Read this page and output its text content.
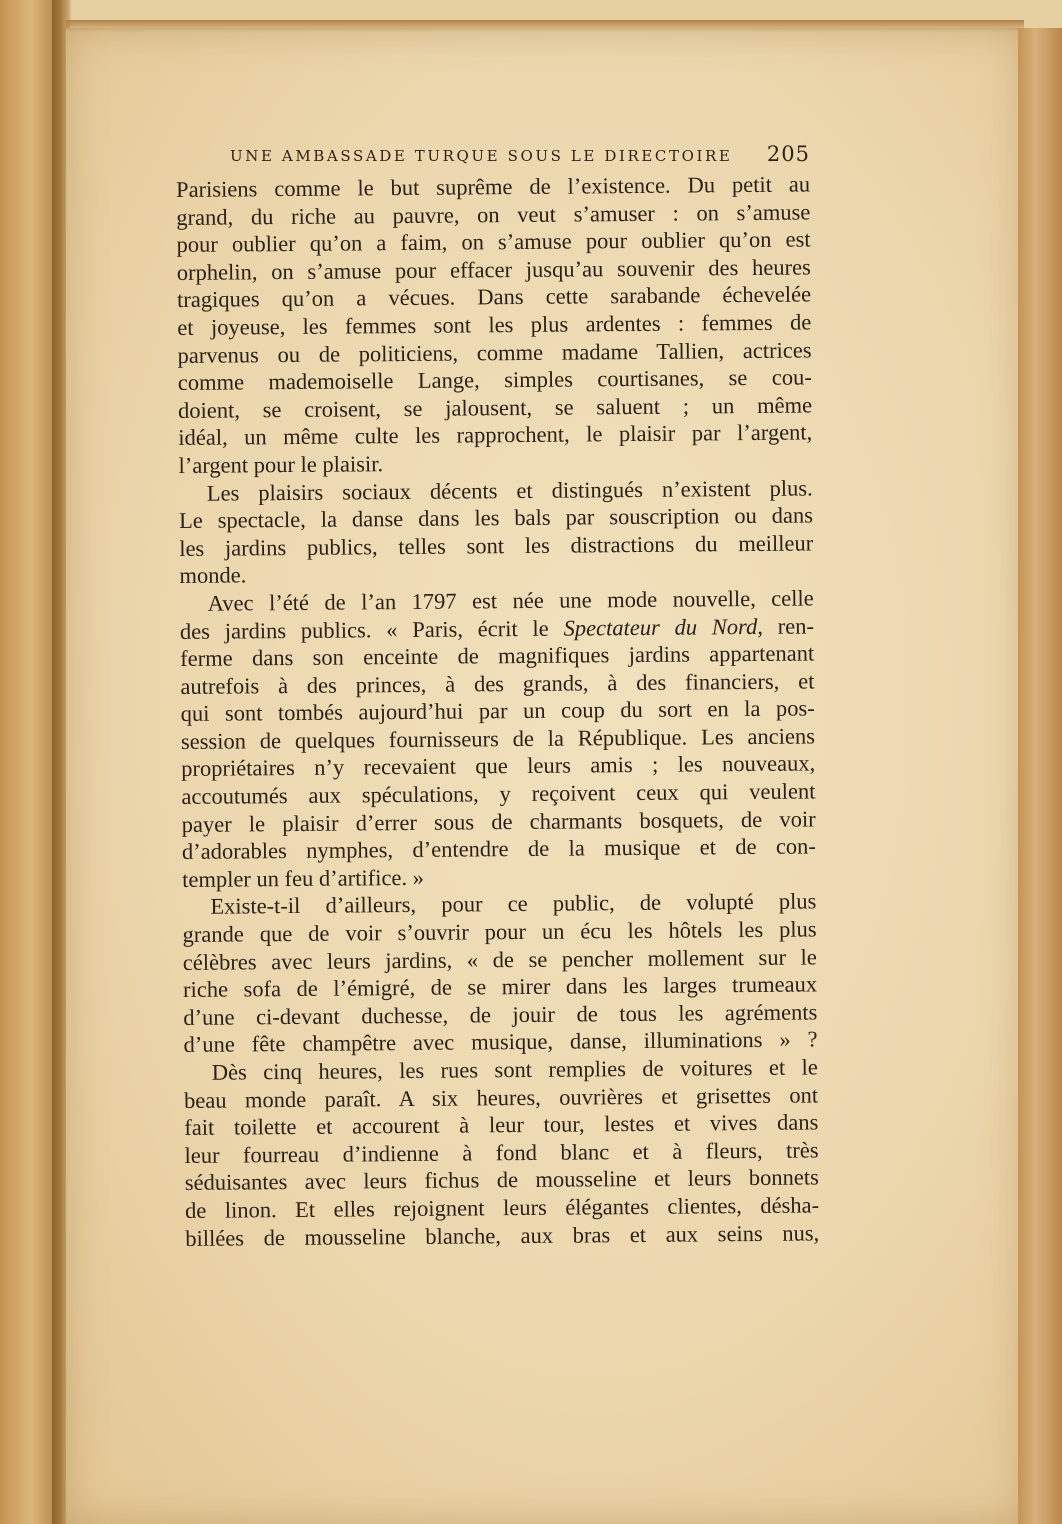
UNE AMBASSADE TURQUE SOUS LE DIRECTOIRE 205
Parisiens comme le but suprême de l’existence. Du petit au
grand, du riche au pauvre, on veut s’amuser : on s’amuse
pour oublier qu’on a faim, on s’amuse pour oublier qu’on est
orphelin, on s’amuse pour effacer jusqu’au souvenir des heures
tragiques qu’on a vécues. Dans cette sarabande échevelée
et joyeuse, les femmes sont les plus ardentes : femmes de
parvenus ou de politiciens, comme madame Tallien, actrices
comme mademoiselle Lange, simples courtisanes, se cou-
doient, se croisent, se jalousent, se saluent ; un même
idéal, un même culte les rapprochent, le plaisir par l’argent,
l’argent pour le plaisir.
Les plaisirs sociaux décents et distingués n’existent plus.
Le spectacle, la danse dans les bals par souscription ou dans
les jardins publics, telles sont les distractions du meilleur
monde.
Avec l’été de l’an 1797 est née une mode nouvelle, celle
des jardins publics. « Paris, écrit le Spectateur du Nord, ren-
ferme dans son enceinte de magnifiques jardins appartenant
autrefois à des princes, à des grands, à des financiers, et
qui sont tombés aujourd’hui par un coup du sort en la pos-
session de quelques fournisseurs de la République. Les anciens
propriétaires n’y recevaient que leurs amis ; les nouveaux,
accoutumés aux spéculations, y reçoivent ceux qui veulent
payer le plaisir d’errer sous de charmants bosquets, de voir
d’adorables nymphes, d’entendre de la musique et de con-
templer un feu d’artifice. »
Existe-t-il d’ailleurs, pour ce public, de volupté plus
grande que de voir s’ouvrir pour un écu les hôtels les plus
célèbres avec leurs jardins, « de se pencher mollement sur le
riche sofa de l’émigré, de se mirer dans les larges trumeaux
d’une ci-devant duchesse, de jouir de tous les agréments
d’une fête champêtre avec musique, danse, illuminations » ?
Dès cinq heures, les rues sont remplies de voitures et le
beau monde paraît. A six heures, ouvrières et grisettes ont
fait toilette et accourent à leur tour, lestes et vives dans
leur fourreau d’indienne à fond blanc et à fleurs, très
séduisantes avec leurs fichus de mousseline et leurs bonnets
de linon. Et elles rejoignent leurs élégantes clientes, désha-
billées de mousseline blanche, aux bras et aux seins nus,
